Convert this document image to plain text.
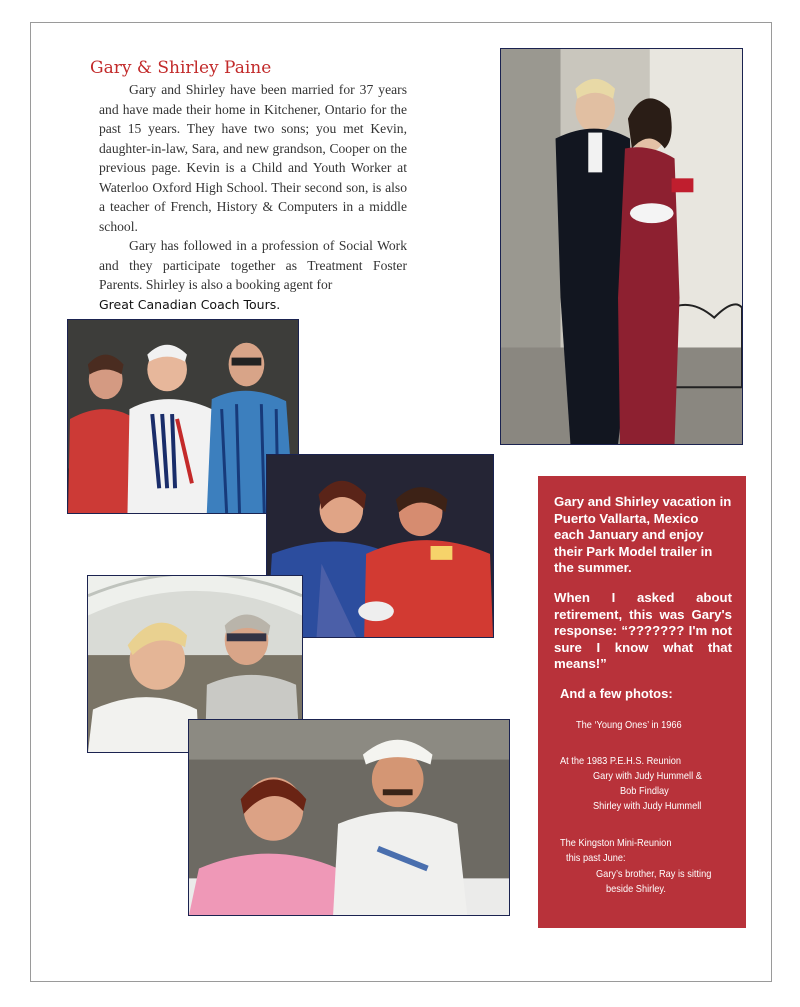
Gary & Shirley Paine

Gary and Shirley have been married for 37 years and have made their home in Kitchener, Ontario for the past 15 years. They have two sons; you met Kevin, daughter-in-law, Sara, and new grandson, Cooper on the previous page. Kevin is a Child and Youth Worker at Waterloo Oxford High School. Their second son, is also a teacher of French, History & Computers in a middle school.

Gary has followed in a profession of Social Work and they participate together as Treatment Foster Parents. Shirley is also a booking agent for
Great Canadian Coach Tours.

Gary and Shirley vacation in Puerto Vallarta, Mexico each January and enjoy their Park Model trailer in the summer.

When I asked about retirement, this was Gary's response: “??????? I'm not sure I know what that means!”

And a few photos:
The ‘Young Ones’ in 1966
At the 1983 P.E.H.S. Reunion
Gary with Judy Hummell &
Bob Findlay
Shirley with Judy Hummell
The Kingston Mini-Reunion
this past June:
Gary’s brother, Ray is sitting
beside Shirley.
